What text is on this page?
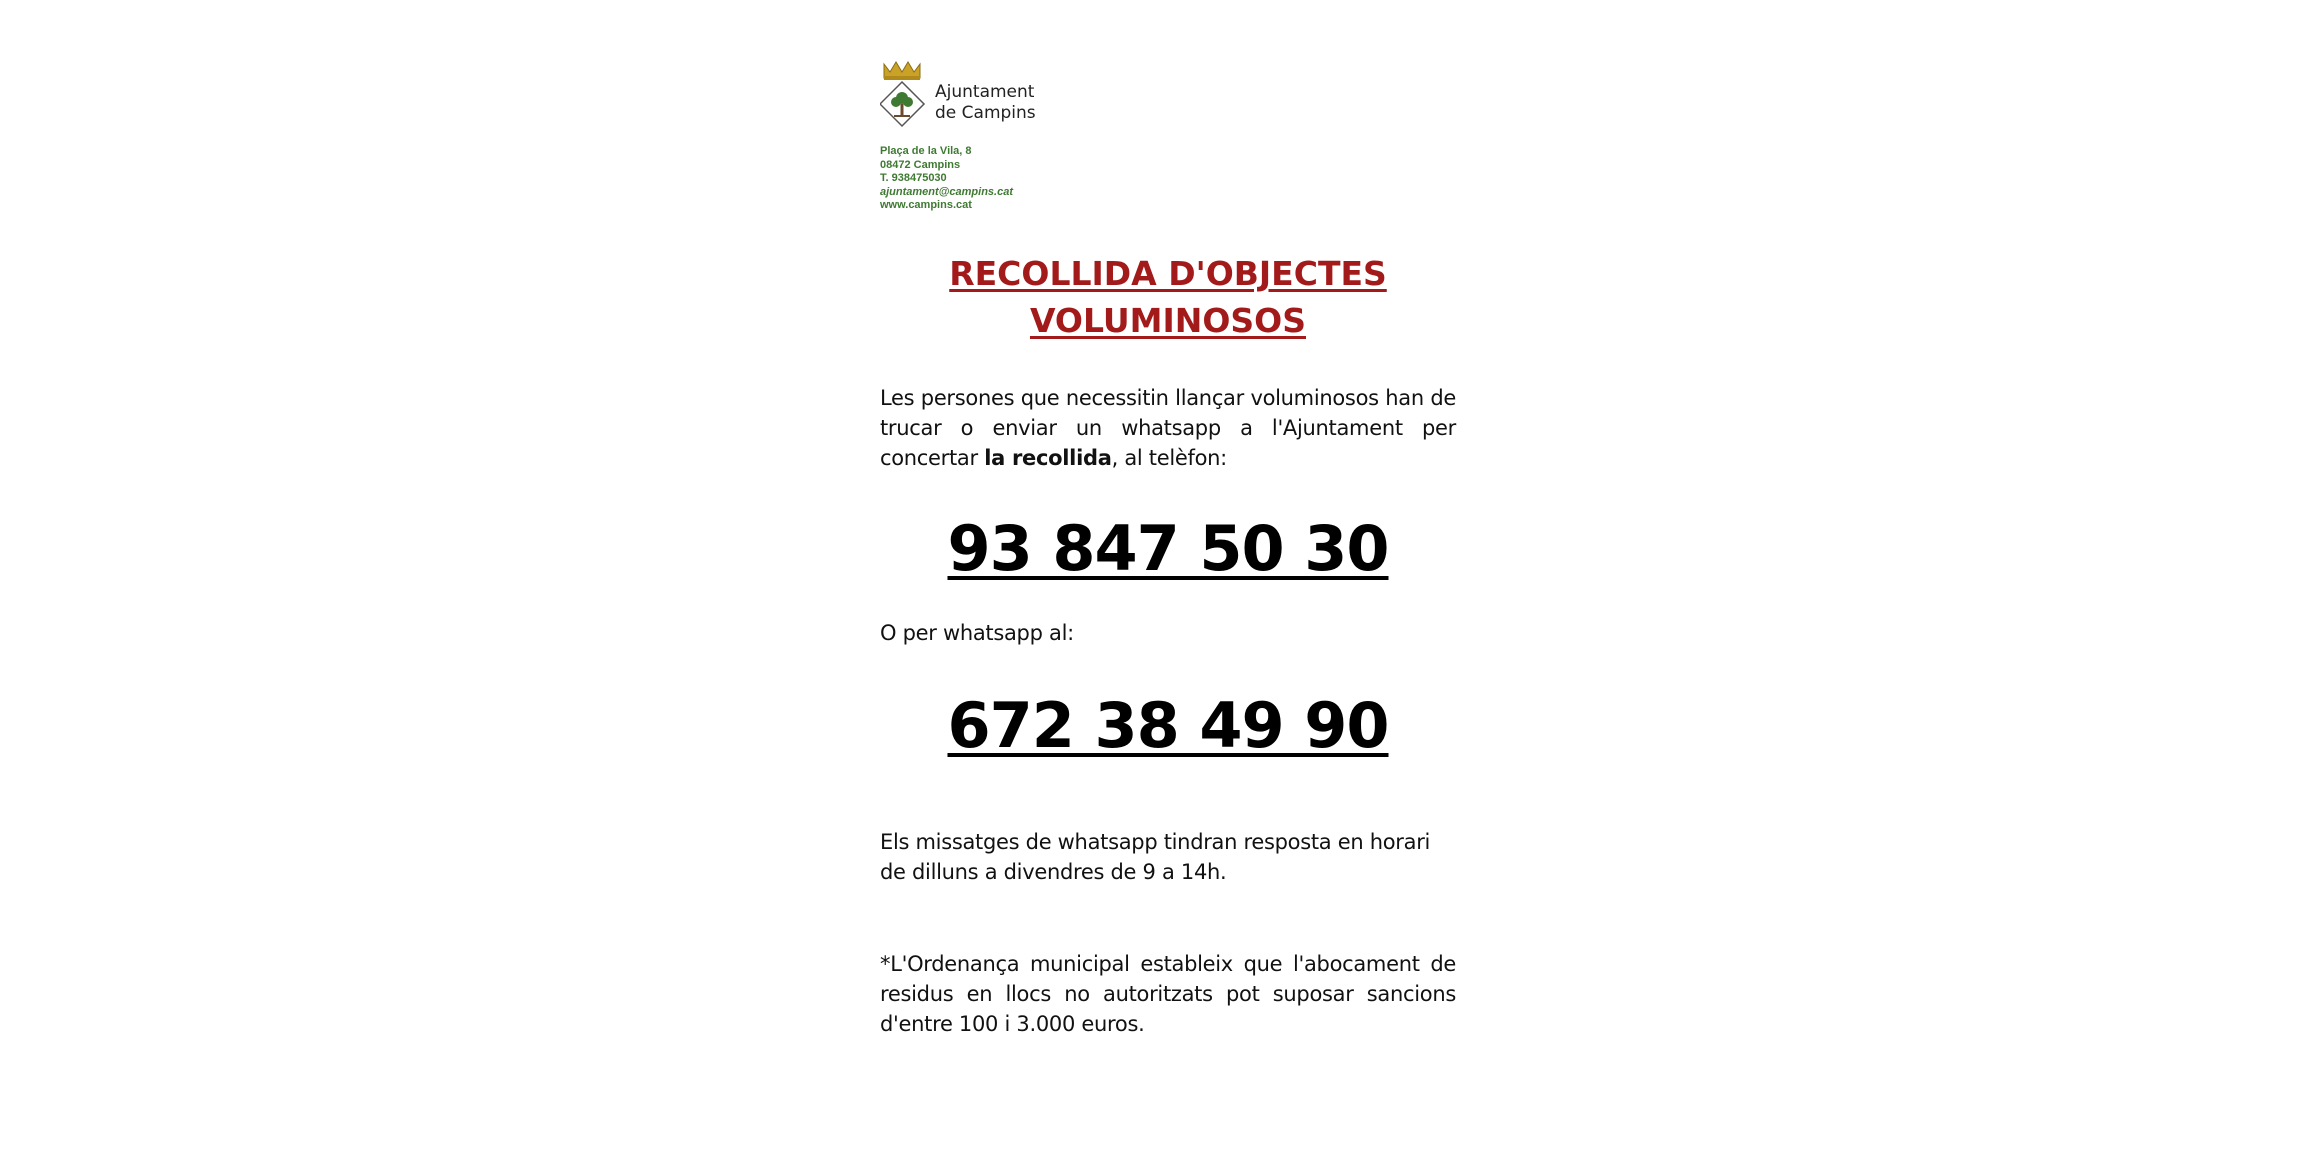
Ajuntament
de Campins
Plaça de la Vila, 8
08472 Campins
T. 938475030
ajuntament@campins.cat
www.campins.cat
RECOLLIDA D'OBJECTES
VOLUMINOSOS
Les persones que necessitin llançar voluminosos han de trucar o enviar un whatsapp a l'Ajuntament per concertar la recollida, al telèfon:
93 847 50 30
O per whatsapp al:
672 38 49 90
Els missatges de whatsapp tindran resposta en horari de dilluns a divendres de 9 a 14h.
*L'Ordenança municipal estableix que l'abocament de residus en llocs no autoritzats pot suposar sancions d'entre 100 i 3.000 euros.
